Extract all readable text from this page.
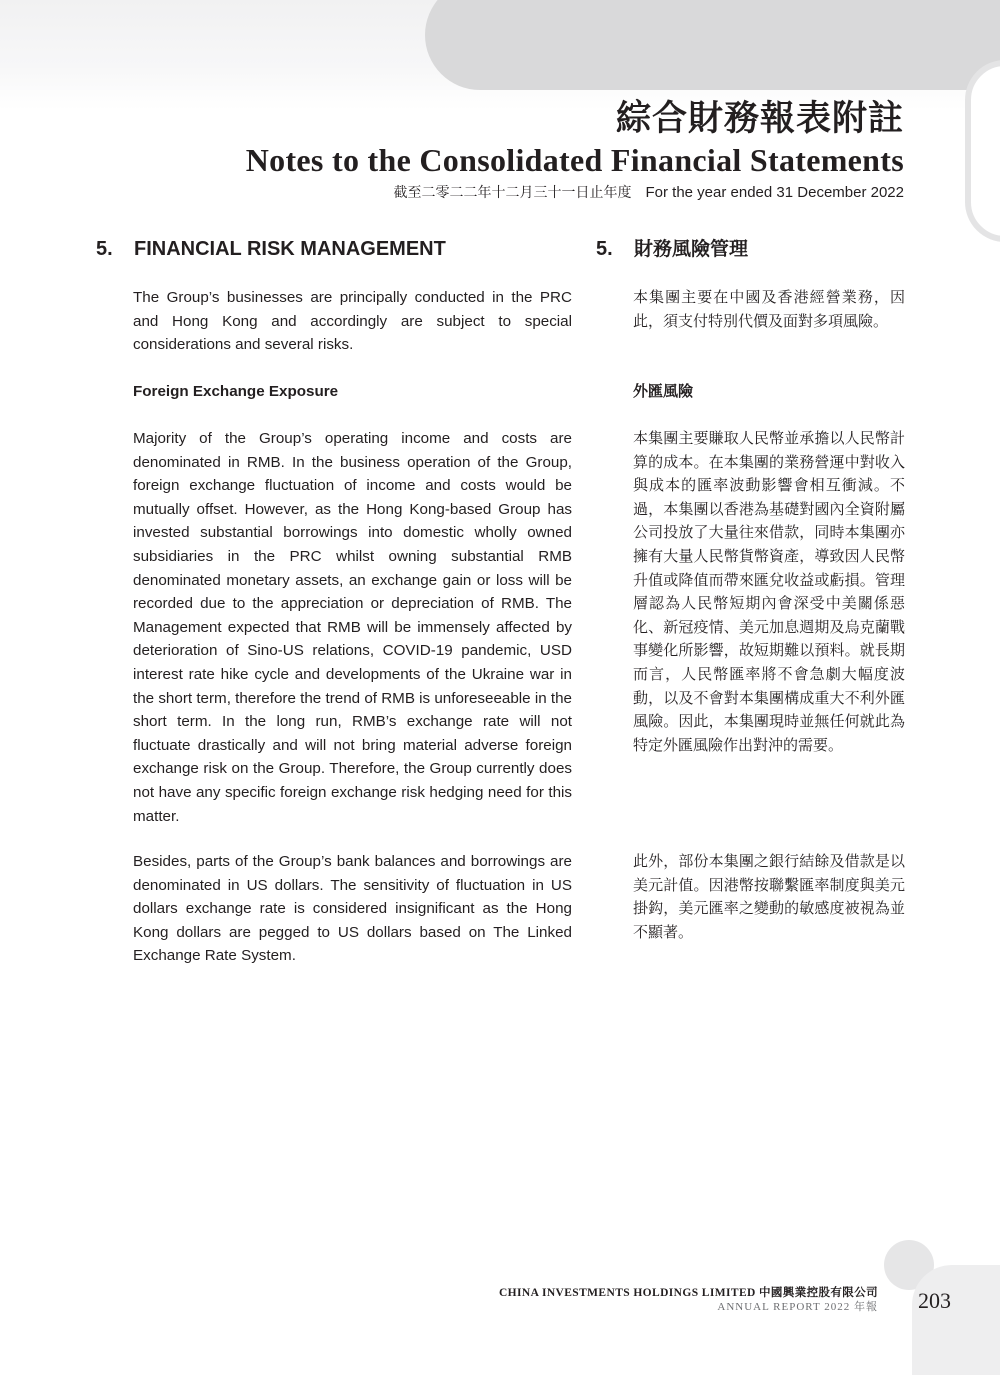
綜合財務報表附註
Notes to the Consolidated Financial Statements
截至二零二二年十二月三十一日止年度 For the year ended 31 December 2022
5. FINANCIAL RISK MANAGEMENT	5. 財務風險管理

The Group’s businesses are principally conducted in the PRC and Hong Kong and accordingly are subject to special considerations and several risks.

本集團主要在中國及香港經營業務，因此，須支付特別代價及面對多項風險。

Foreign Exchange Exposure	外匯風險

Majority of the Group’s operating income and costs are denominated in RMB. In the business operation of the Group, foreign exchange fluctuation of income and costs would be mutually offset. However, as the Hong Kong-based Group has invested substantial borrowings into domestic wholly owned subsidiaries in the PRC whilst owning substantial RMB denominated monetary assets, an exchange gain or loss will be recorded due to the appreciation or depreciation of RMB. The Management expected that RMB will be immensely affected by deterioration of Sino-US relations, COVID-19 pandemic, USD interest rate hike cycle and developments of the Ukraine war in the short term, therefore the trend of RMB is unforeseeable in the short term. In the long run, RMB’s exchange rate will not fluctuate drastically and will not bring material adverse foreign exchange risk on the Group. Therefore, the Group currently does not have any specific foreign exchange risk hedging need for this matter.

本集團主要賺取人民幣並承擔以人民幣計算的成本。在本集團的業務營運中對收入與成本的匯率波動影響會相互衝減。不過，本集團以香港為基礎對國內全資附屬公司投放了大量往來借款，同時本集團亦擁有大量人民幣貨幣資產，導致因人民幣升值或降值而帶來匯兌收益或虧損。管理層認為人民幣短期內會深受中美關係惡化、新冠疫情、美元加息週期及烏克蘭戰事變化所影響，故短期難以預料。就長期而言，人民幣匯率將不會急劇大幅度波動，以及不會對本集團構成重大不利外匯風險。因此，本集團現時並無任何就此為特定外匯風險作出對沖的需要。

Besides, parts of the Group’s bank balances and borrowings are denominated in US dollars. The sensitivity of fluctuation in US dollars exchange rate is considered insignificant as the Hong Kong dollars are pegged to US dollars based on The Linked Exchange Rate System.

此外，部份本集團之銀行結餘及借款是以美元計值。因港幣按聯繫匯率制度與美元掛鈎，美元匯率之變動的敏感度被視為並不顯著。

CHINA INVESTMENTS HOLDINGS LIMITED 中國興業控股有限公司
ANNUAL REPORT 2022 年報 203
